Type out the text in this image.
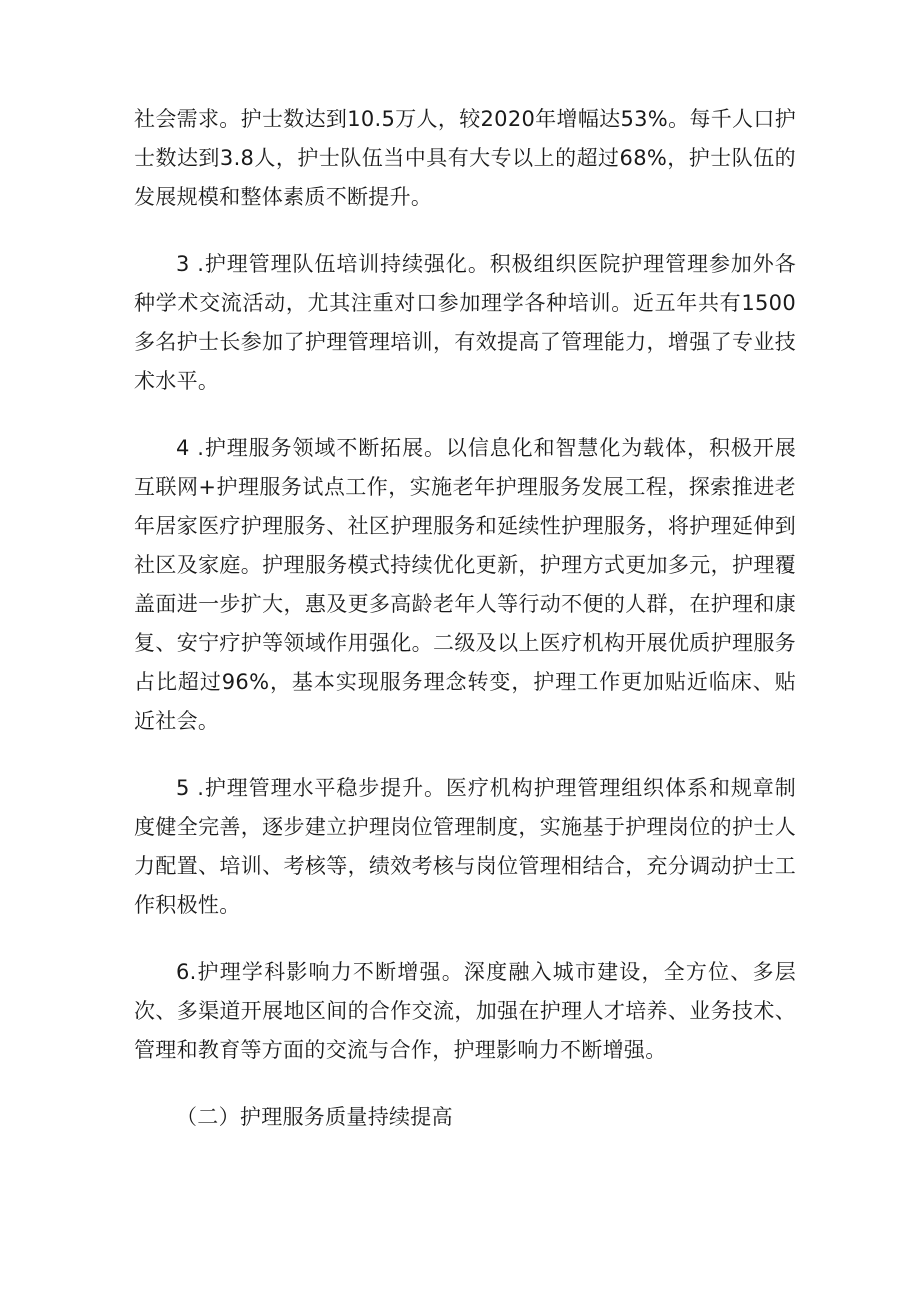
社会需求。护士数达到10.5万人，较2020年增幅达53%。每千人口护士数达到3.8人，护士队伍当中具有大专以上的超过68%，护士队伍的发展规模和整体素质不断提升。

3 .护理管理队伍培训持续强化。积极组织医院护理管理参加外各种学术交流活动，尤其注重对口参加理学各种培训。近五年共有1500多名护士长参加了护理管理培训，有效提高了管理能力，增强了专业技术水平。

4 .护理服务领域不断拓展。以信息化和智慧化为载体，积极开展互联网+护理服务试点工作，实施老年护理服务发展工程，探索推进老年居家医疗护理服务、社区护理服务和延续性护理服务，将护理延伸到社区及家庭。护理服务模式持续优化更新，护理方式更加多元，护理覆盖面进一步扩大，惠及更多高龄老年人等行动不便的人群，在护理和康复、安宁疗护等领域作用强化。二级及以上医疗机构开展优质护理服务占比超过96%，基本实现服务理念转变，护理工作更加贴近临床、贴近社会。

5 .护理管理水平稳步提升。医疗机构护理管理组织体系和规章制度健全完善，逐步建立护理岗位管理制度，实施基于护理岗位的护士人力配置、培训、考核等，绩效考核与岗位管理相结合，充分调动护士工作积极性。

6.护理学科影响力不断增强。深度融入城市建设，全方位、多层次、多渠道开展地区间的合作交流，加强在护理人才培养、业务技术、管理和教育等方面的交流与合作，护理影响力不断增强。

（二）护理服务质量持续提高
